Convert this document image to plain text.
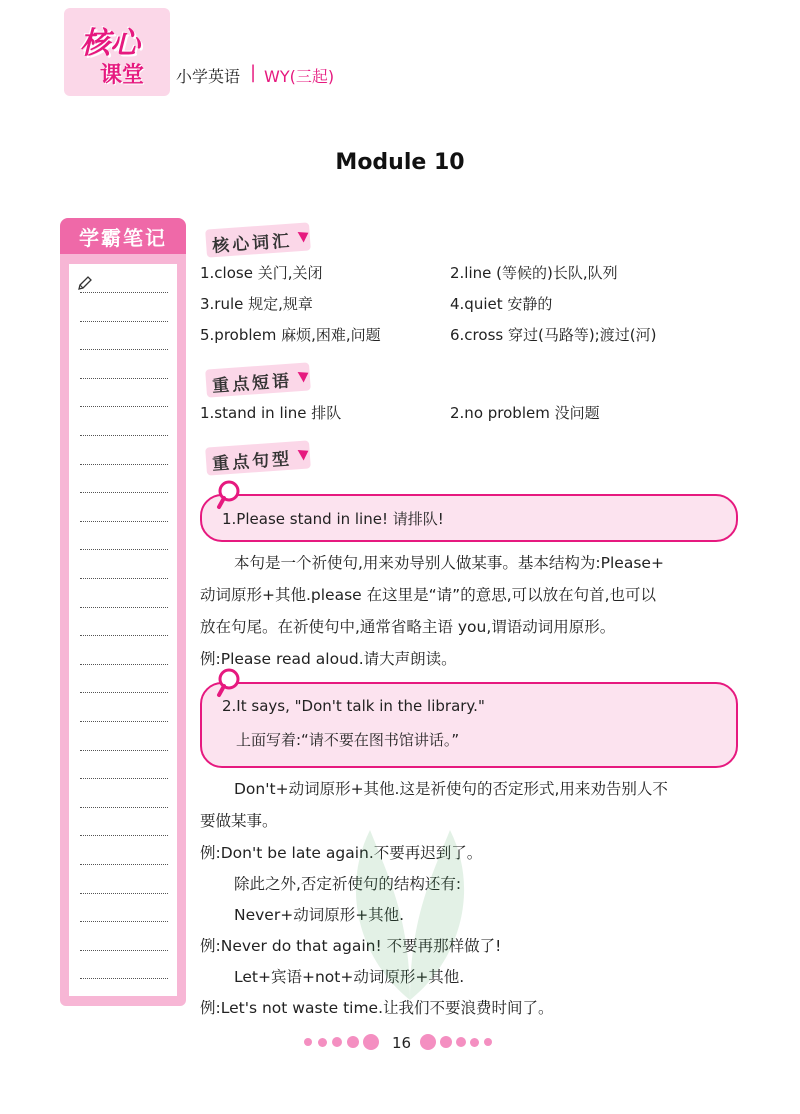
核心
课堂 小学英语 | WY(三起)
Module 10
学霸笔记	核心词汇
1.close 关门,关闭	2.line (等候的)长队,队列
3.rule 规定,规章	4.quiet 安静的
5.problem 麻烦,困难,问题	6.cross 穿过(马路等);渡过(河)
重点短语
1.stand in line 排队	2.no problem 没问题
重点句型
1.Please stand in line! 请排队!
本句是一个祈使句,用来劝导别人做某事。基本结构为:Please+
动词原形+其他.please 在这里是“请”的意思,可以放在句首,也可以
放在句尾。在祈使句中,通常省略主语 you,谓语动词用原形。
例:Please read aloud.请大声朗读。
2.It says, "Don't talk in the library."
上面写着:“请不要在图书馆讲话。”
Don't+动词原形+其他.这是祈使句的否定形式,用来劝告别人不
要做某事。
例:Don't be late again.不要再迟到了。
除此之外,否定祈使句的结构还有:
Never+动词原形+其他.
例:Never do that again! 不要再那样做了!
Let+宾语+not+动词原形+其他.
例:Let's not waste time.让我们不要浪费时间了。
16
